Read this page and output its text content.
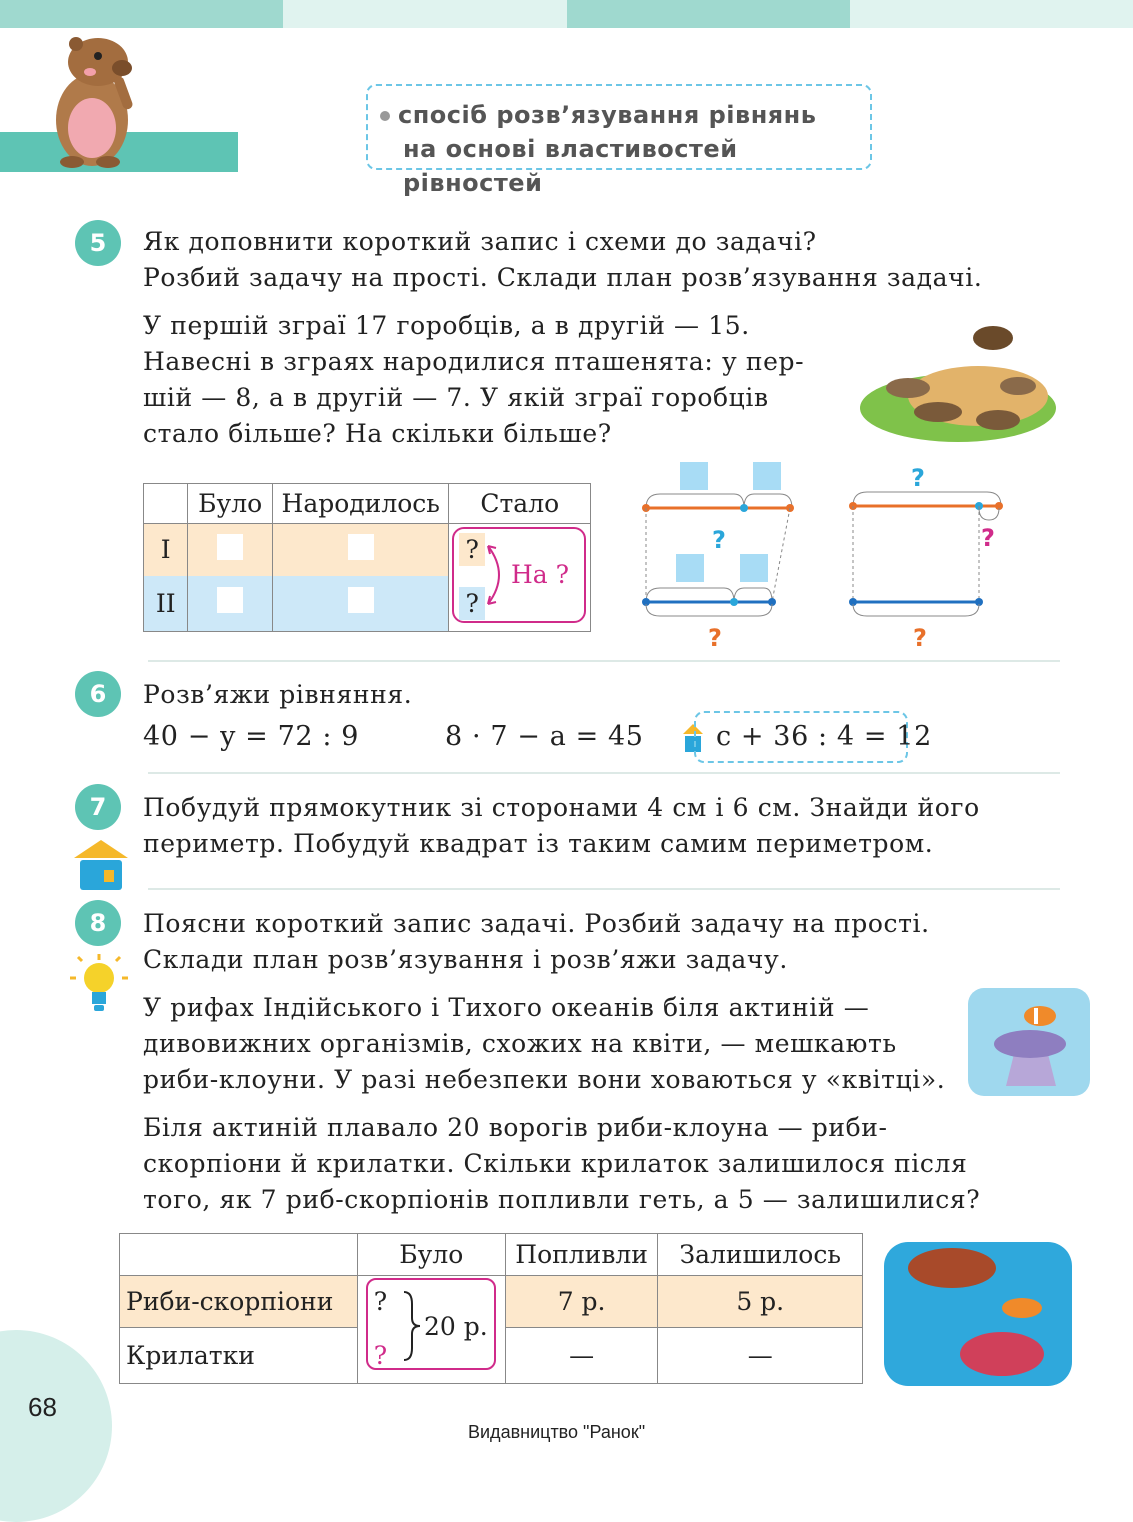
спосіб розв’язування рівнянь
на основі властивостей рівностей
5	Як доповнити короткий запис і схеми до задачі?
Розбий задачу на прості. Склади план розв’язування задачі.
У першій зграї 17 горобців, а в другій — 15.
Навесні в зграях народилися пташенята: у пер-
шій — 8, а в другій — 7. У якій зграї горобців
стало більше? На скільки більше?
	Було	Народилось	Стало
I			?
II			?
На ?
?
?
?
?
?
6	Розв’яжи рівняння.
40 − y = 72 : 9	8 · 7 − a = 45	c + 36 : 4 = 12
7	Побудуй прямокутник зі сторонами 4 см і 6 см. Знайди його
периметр. Побудуй квадрат із таким самим периметром.
8	Поясни короткий запис задачі. Розбий задачу на прості.
Склади план розв’язування і розв’яжи задачу.
У рифах Індійського і Тихого океанів біля актиній —
дивовижних організмів, схожих на квіти, — мешкають
риби-клоуни. У разі небезпеки вони ховаються у «квітці».
Біля актиній плавало 20 ворогів риби-клоуна — риби-
скорпіони й крилатки. Скільки крилаток залишилося після
того, як 7 риб-скорпіонів попливли геть, а 5 — залишилися?
	Було	Попливли	Залишилось
Риби-скорпіони	?	7 р.	5 р.
Крилатки	?	—	—
20 р.
68
Видавництво "Ранок"
